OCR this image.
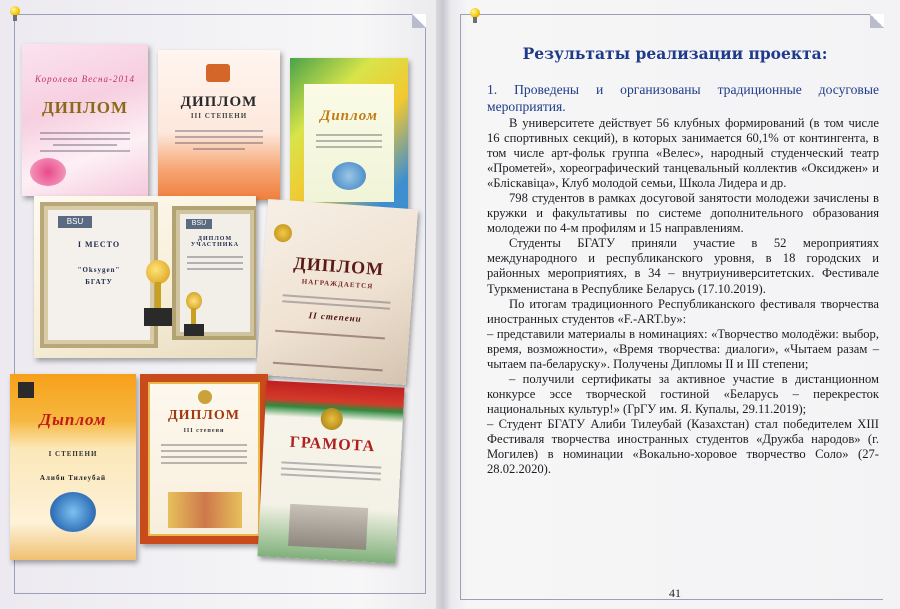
Королева Весна-2014
ДИПЛОМ	ДИПЛОМ
III СТЕПЕНИ	Диплом
BSU
I МЕСТО
"Oksygen"
БГАТУ
BSU
ДИПЛОМ УЧАСТНИКА
ДИПЛОМ
НАГРАЖДАЕТСЯ
II степени
Дыплом
I СТЕПЕНИ
Алиби Тилеубай
ДИПЛОМ
III степени
ГРАМОТА
Результаты реализации проекта:

1. Проведены и организованы традиционные досуговые мероприятия.

В университете действует 56 клубных формирований (в том числе 16 спортивных секций), в которых занимается 60,1% от контингента, в том числе арт-фольк группа «Велес», народный студенческий театр «Прометей», хореографический танцевальный коллектив «Оксиджен» и «Бліскавіца», Клуб молодой семьи, Школа Лидера и др.

798 студентов в рамках досуговой занятости молодежи зачислены в кружки и факультативы по системе дополнительного образования молодежи по 4-м профилям и 15 направлениям.

Студенты БГАТУ приняли участие в 52 мероприятиях международного и республиканского уровня, в 18 городских и районных мероприятиях, в 34 – внутриуниверситетских. Фестивале Туркменистана в Республике Беларусь (17.10.2019).

По итогам традиционного Республиканского фестиваля творчества иностранных студентов «F.-ART.by»:

– представили материалы в номинациях: «Творчество молодёжи: выбор, время, возможности», «Время творчества: диалоги», «Чытаем разам – чытаем па-беларуску». Получены Дипломы II и III степени;

– получили сертификаты за активное участие в дистанционном конкурсе эссе творческой гостиной «Беларусь – перекресток национальных культур!» (ГрГУ им. Я. Купалы, 29.11.2019);

– Студент БГАТУ Алиби Тилеубай (Казахстан) стал победителем XIII Фестиваля творчества иностранных студентов «Дружба народов» (г. Могилев) в номинации «Вокально-хоровое творчество Соло» (27-28.02.2020).

41
